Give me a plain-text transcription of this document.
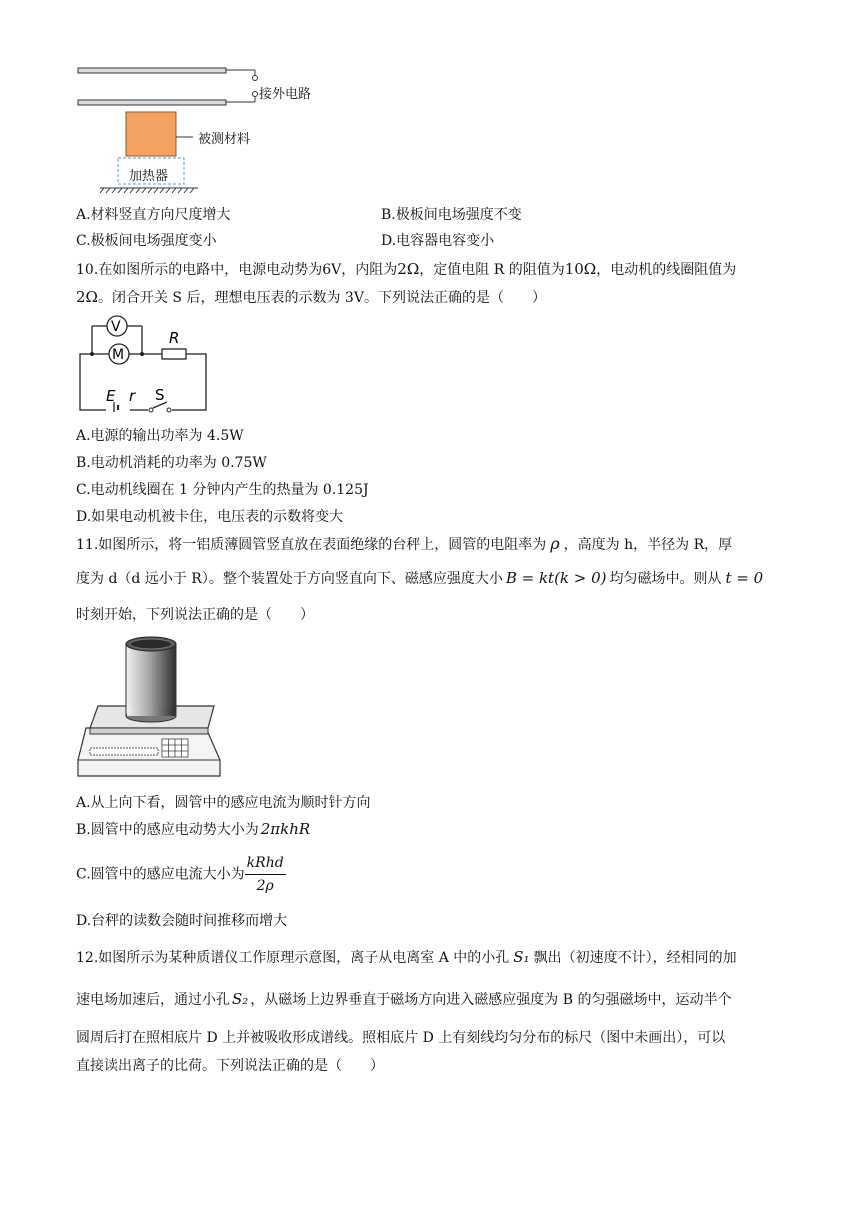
接外电路
被测材料
加热器
A.材料竖直方向尺度增大	B.极板间电场强度不变
C.极板间电场强度变小	D.电容器电容变小
10.在如图所示的电路中，电源电动势为6V，内阻为2Ω，定值电阻 R 的阻值为10Ω，电动机的线圈阻值为
2Ω。闭合开关 S 后，理想电压表的示数为 3V。下列说法正确的是（　　）
V
M
R
E r S
A.电源的输出功率为 4.5W
B.电动机消耗的功率为 0.75W
C.电动机线圈在 1 分钟内产生的热量为 0.125J
D.如果电动机被卡住，电压表的示数将变大
11.如图所示，将一铝质薄圆管竖直放在表面绝缘的台秤上，圆管的电阻率为 ρ ，高度为 h，半径为 R，厚
度为 d（d 远小于 R）。整个装置处于方向竖直向下、磁感应强度大小 B = kt(k > 0) 均匀磁场中。则从 t = 0
时刻开始，下列说法正确的是（　　）
A.从上向下看，圆管中的感应电流为顺时针方向
B.圆管中的感应电动势大小为 2πkhR
C.圆管中的感应电流大小为 $\frac{\text{kRhd}}{2\rho}$
D.台秤的读数会随时间推移而增大
12.如图所示为某种质谱仪工作原理示意图，离子从电离室 A 中的小孔 S₁ 飘出（初速度不计），经相同的加
速电场加速后，通过小孔 S₂ ，从磁场上边界垂直于磁场方向进入磁感应强度为 B 的匀强磁场中，运动半个
圆周后打在照相底片 D 上并被吸收形成谱线。照相底片 D 上有刻线均匀分布的标尺（图中未画出），可以
直接读出离子的比荷。下列说法正确的是（　　）
